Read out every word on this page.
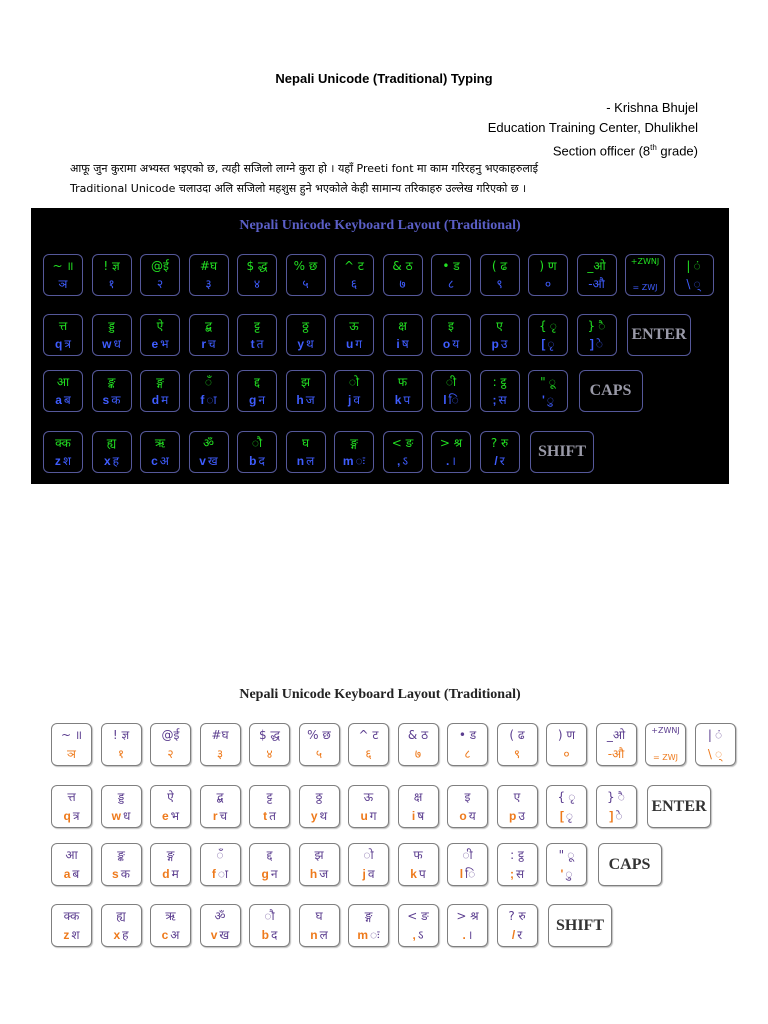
Nepali Unicode (Traditional) Typing
- Krishna Bhujel
Education Training Center, Dhulikhel
Section officer (8th grade)
आफू जुन कुरामा अभ्यस्त भइएको छ, त्यही सजिलो लाग्ने कुरा हो । यहाँ Preeti font मा काम गरिरहनु भएकाहरुलाई
Traditional Unicode चलाउदा अलि सजिलो महशुस हुने भएकोले केही सामान्य तरिकाहरु उल्लेख गरिएको छ ।
Nepali Unicode Keyboard Layout (Traditional)
~ ॥
ञ
! ज्ञ
१
@ई
२
#घ
३
$ द्ध
४
% छ
५
^ ट
६
& ठ
७
• ड
८
( ढ
९
) ण
०
_ओ
-औ
+ZWNJ
= ZWJ
| ं
\ ्
त्त
q त्र
ड्ड
w ध
ऐ
e भ
द्ब
r च
ट्ट
t त
ठ्ठ
y थ
ऊ
u ग
क्ष
i ष
इ
o य
ए
p उ
{ ृ
[ ृ
} ै
] े
आ
a ब
ङ्क
s क
ङ्ग
d म
ँ
f ा
द्द
g न
झ
h ज
ो
j व
फ
k प
ी
l ि
: ट्ठ
; स
" ू
' ु
क्क
z श
ह्य
x ह
ऋ
c अ
ॐ
v ख
ौ
b द
घ
n ल
ङ्ग
m ः
< ङ
, ऽ
> श्र
. ।
? रु
/ र
ENTER
CAPS
SHIFT
Nepali Unicode Keyboard Layout (Traditional)
~ ॥
ञ
! ज्ञ
१
@ई
२
#घ
३
$ द्ध
४
% छ
५
^ ट
६
& ठ
७
• ड
८
( ढ
९
) ण
०
_ओ
-औ
+ZWNJ
= ZWJ
| ं
\ ्
त्त
q त्र
ड्ड
w ध
ऐ
e भ
द्ब
r च
ट्ट
t त
ठ्ठ
y थ
ऊ
u ग
क्ष
i ष
इ
o य
ए
p उ
{ ृ
[ ृ
} ै
] े
आ
a ब
ङ्क
s क
ङ्ग
d म
ँ
f ा
द्द
g न
झ
h ज
ो
j व
फ
k प
ी
l ि
: ट्ठ
; स
" ू
' ु
क्क
z श
ह्य
x ह
ऋ
c अ
ॐ
v ख
ौ
b द
घ
n ल
ङ्ग
m ः
< ङ
, ऽ
> श्र
. ।
? रु
/ र
ENTER
CAPS
SHIFT
